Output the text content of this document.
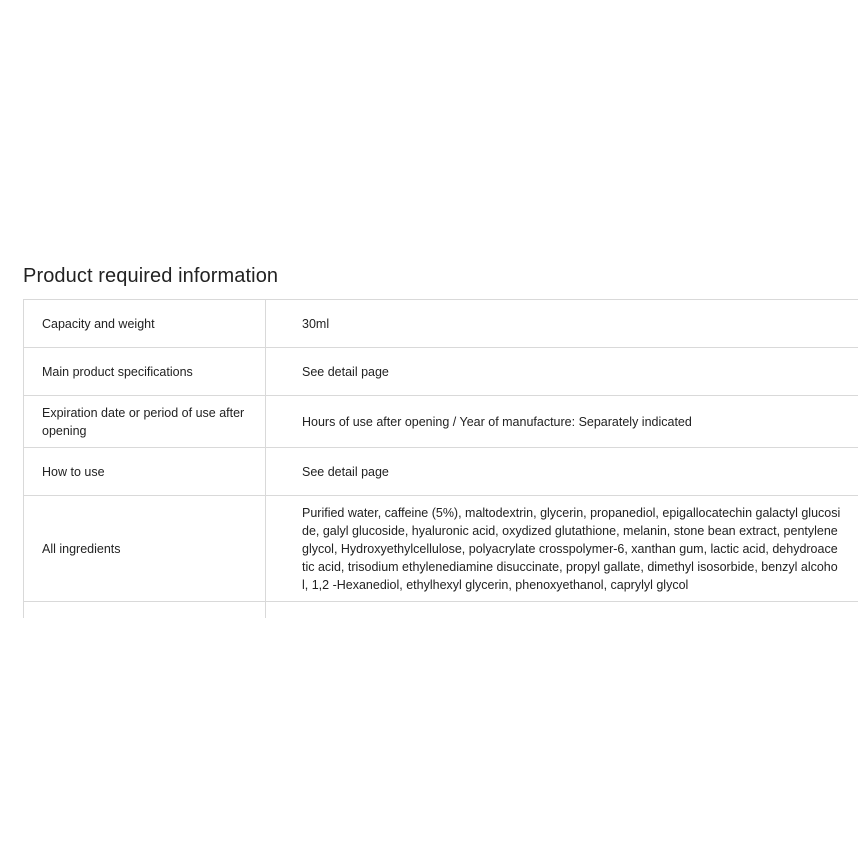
Product required information
Capacity and weight	30ml
Main product specifications	See detail page
Expiration date or period of use after opening	Hours of use after opening / Year of manufacture: Separately indicated
How to use	See detail page
All ingredients	Purified water, caffeine (5%), maltodextrin, glycerin, propanediol, epigallocatechin galactyl glucoside, galyl glucoside, hyaluronic acid, oxydized glutathione, melanin, stone bean extract, pentylene glycol, Hydroxyethylcellulose, polyacrylate crosspolymer-6, xanthan gum, lactic acid, dehydroacetic acid, trisodium ethylenediamine disuccinate, propyl gallate, dimethyl isosorbide, benzyl alcohol, 1,2 -Hexanediol, ethylhexyl glycerin, phenoxyethanol, caprylyl glycol
